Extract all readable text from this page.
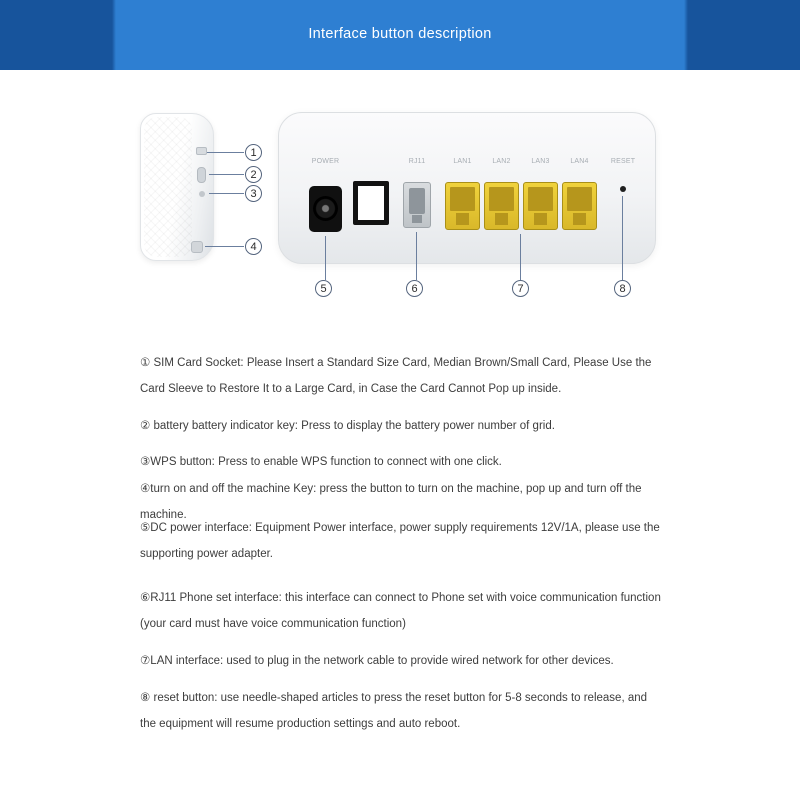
Interface button description
1
2
3
4
POWER	RJ11	LAN1	LAN2	LAN3	LAN4	RESET
5	6	7	8
① SIM Card Socket: Please Insert a Standard Size Card, Median Brown/Small Card, Please Use the Card Sleeve to Restore It to a Large Card, in Case the Card Cannot Pop up inside.
② battery battery indicator key: Press to display the battery power number of grid.
③WPS button: Press to enable WPS function to connect with one click.
④turn on and off the machine Key: press the button to turn on the machine, pop up and turn off the machine.
⑤DC power interface: Equipment Power interface, power supply requirements 12V/1A, please use the supporting power adapter.
⑥RJ11 Phone set interface: this interface can connect to Phone set with voice communication function (your card must have voice communication function)
⑦LAN interface: used to plug in the network cable to provide wired network for other devices.
⑧ reset button: use needle-shaped articles to press the reset button for 5-8 seconds to release, and the equipment will resume production settings and auto reboot.
